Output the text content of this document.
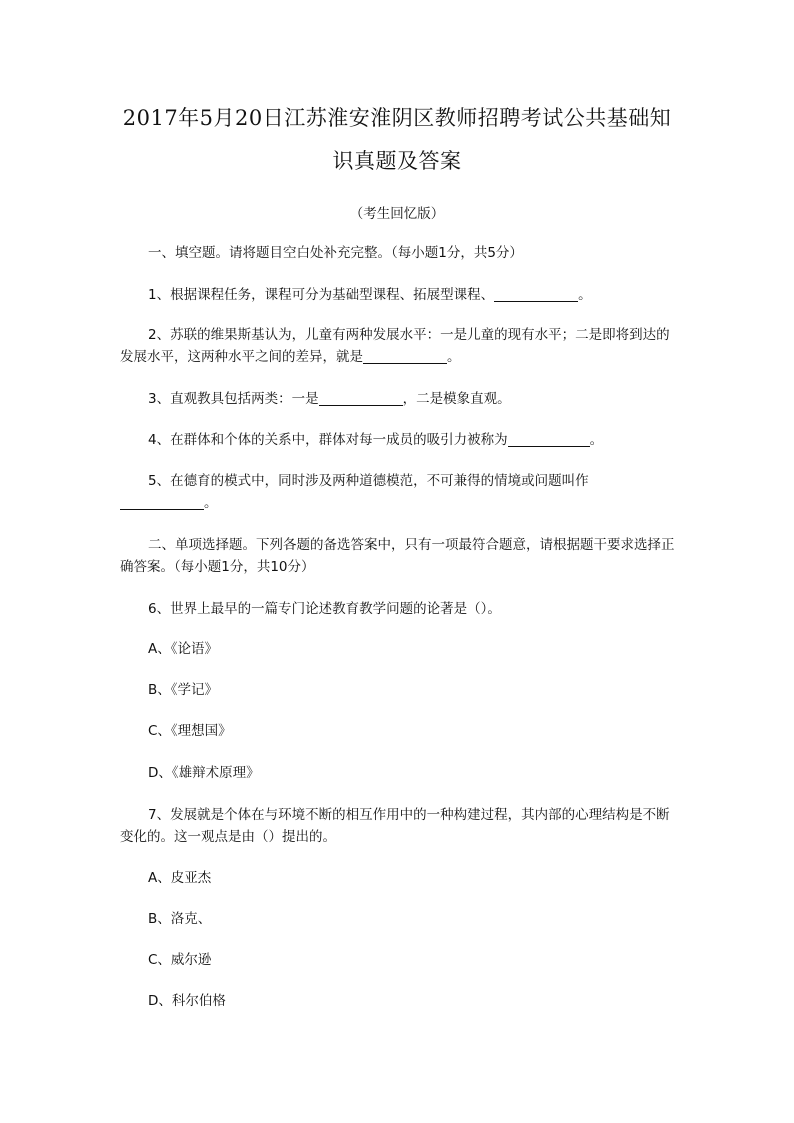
2017年5月20日江苏淮安淮阴区教师招聘考试公共基础知
识真题及答案
（考生回忆版）
一、填空题。请将题目空白处补充完整。（每小题1分，共5分）
1、根据课程任务，课程可分为基础型课程、拓展型课程、	。
2、苏联的维果斯基认为，儿童有两种发展水平：一是儿童的现有水平；二是即将到达的发展水平，这两种水平之间的差异，就是	。
3、直观教具包括两类：一是	，二是模象直观。
4、在群体和个体的关系中，群体对每一成员的吸引力被称为	。
5、在德育的模式中，同时涉及两种道德模范，不可兼得的情境或问题叫作
。
二、单项选择题。下列各题的备选答案中，只有一项最符合题意，请根据题干要求选择正确答案。（每小题1分，共10分）
6、世界上最早的一篇专门论述教育教学问题的论著是（）。
A、《论语》
B、《学记》
C、《理想国》
D、《雄辩术原理》
7、发展就是个体在与环境不断的相互作用中的一种构建过程，其内部的心理结构是不断变化的。这一观点是由（）提出的。
A、皮亚杰
B、洛克、
C、威尔逊
D、科尔伯格
